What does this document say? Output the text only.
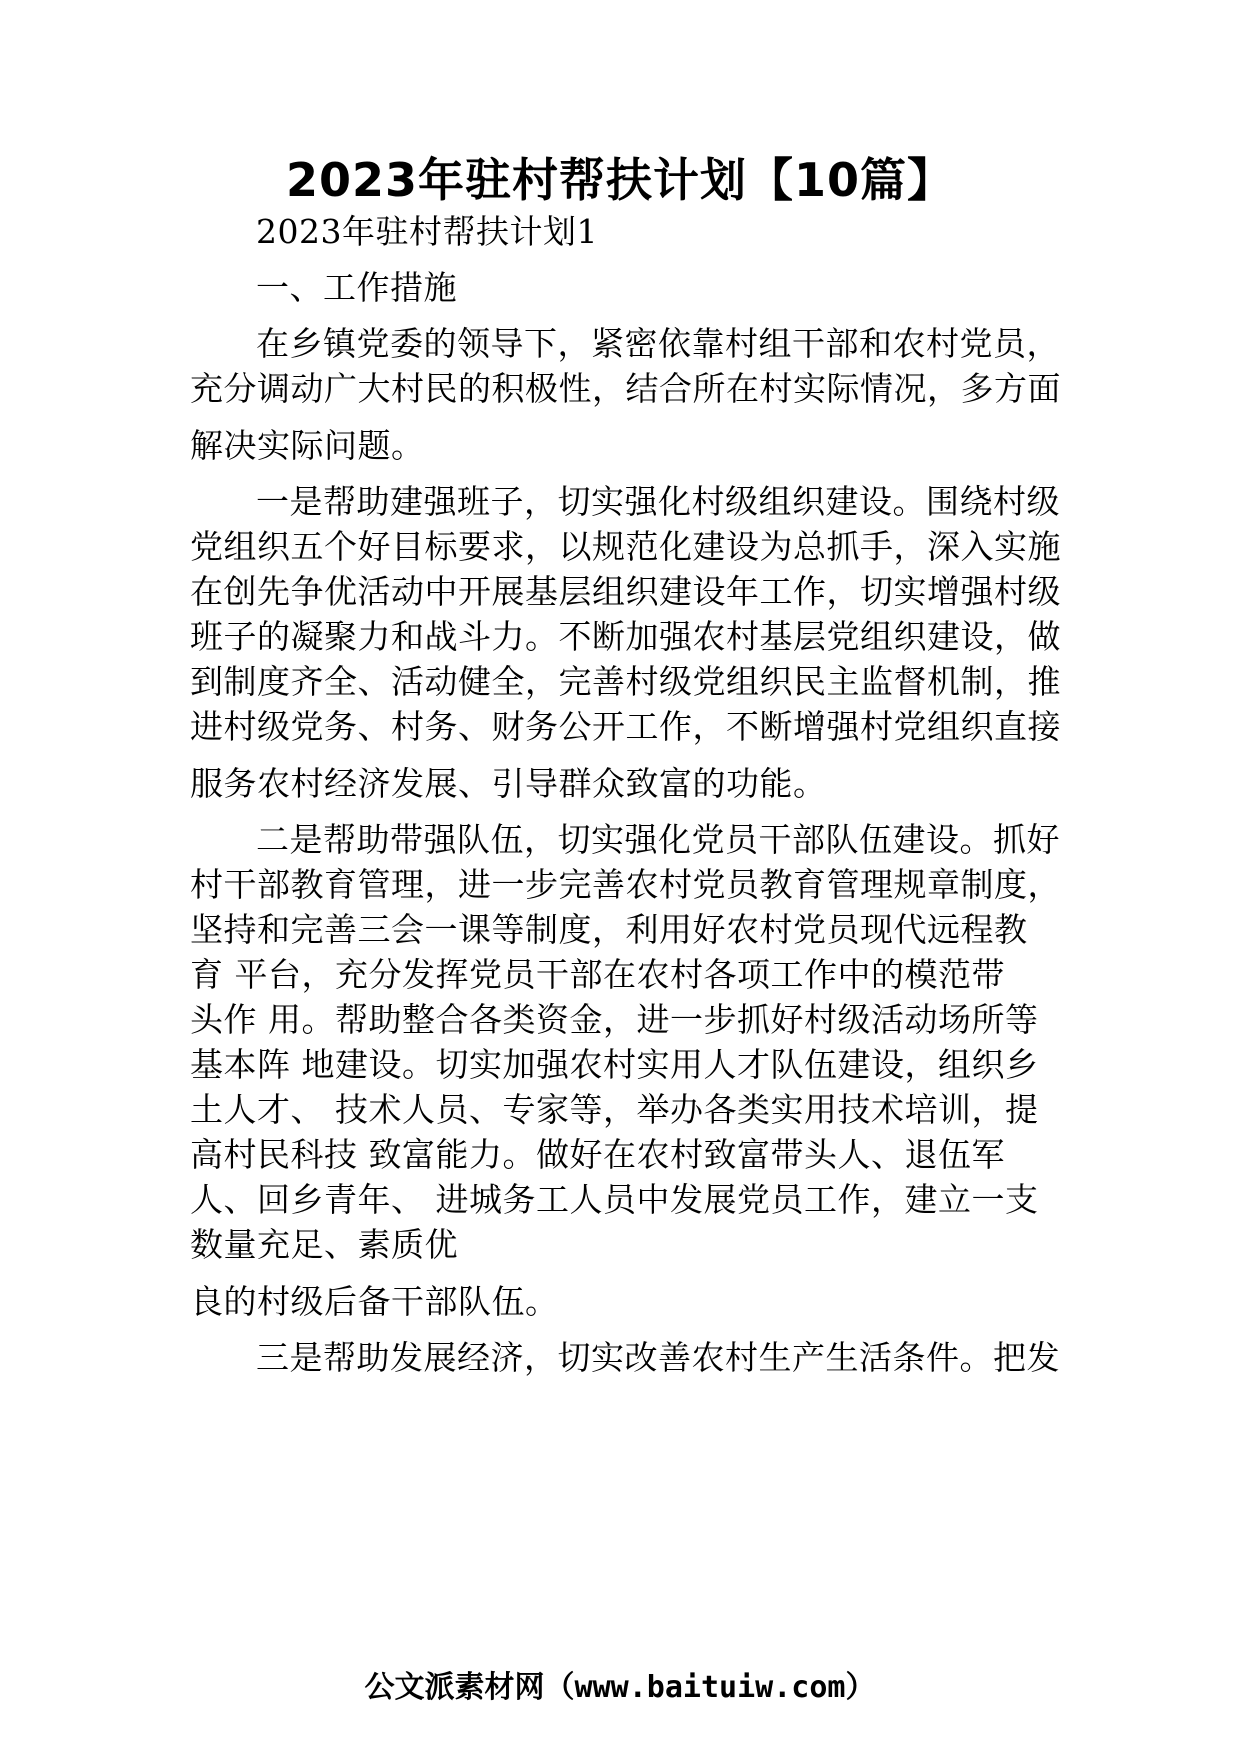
2023年驻村帮扶计划【10篇】
2023年驻村帮扶计划1
一、工作措施
在乡镇党委的领导下，紧密依靠村组干部和农村党员，
充分调动广大村民的积极性，结合所在村实际情况，多方面
解决实际问题。
一是帮助建强班子，切实强化村级组织建设。围绕村级
党组织五个好目标要求，以规范化建设为总抓手，深入实施
在创先争优活动中开展基层组织建设年工作，切实增强村级
班子的凝聚力和战斗力。不断加强农村基层党组织建设，做
到制度齐全、活动健全，完善村级党组织民主监督机制，推
进村级党务、村务、财务公开工作，不断增强村党组织直接
服务农村经济发展、引导群众致富的功能。
二是帮助带强队伍，切实强化党员干部队伍建设。抓好
村干部教育管理，进一步完善农村党员教育管理规章制度，
坚持和完善三会一课等制度，利用好农村党员现代远程教
育 平台，充分发挥党员干部在农村各项工作中的模范带
头作 用。帮助整合各类资金，进一步抓好村级活动场所等
基本阵 地建设。切实加强农村实用人才队伍建设，组织乡
土人才、 技术人员、专家等，举办各类实用技术培训，提
高村民科技 致富能力。做好在农村致富带头人、退伍军
人、回乡青年、 进城务工人员中发展党员工作，建立一支
数量充足、素质优
良的村级后备干部队伍。
三是帮助发展经济，切实改善农村生产生活条件。把发
公文派素材网（www.baituiw.com）
